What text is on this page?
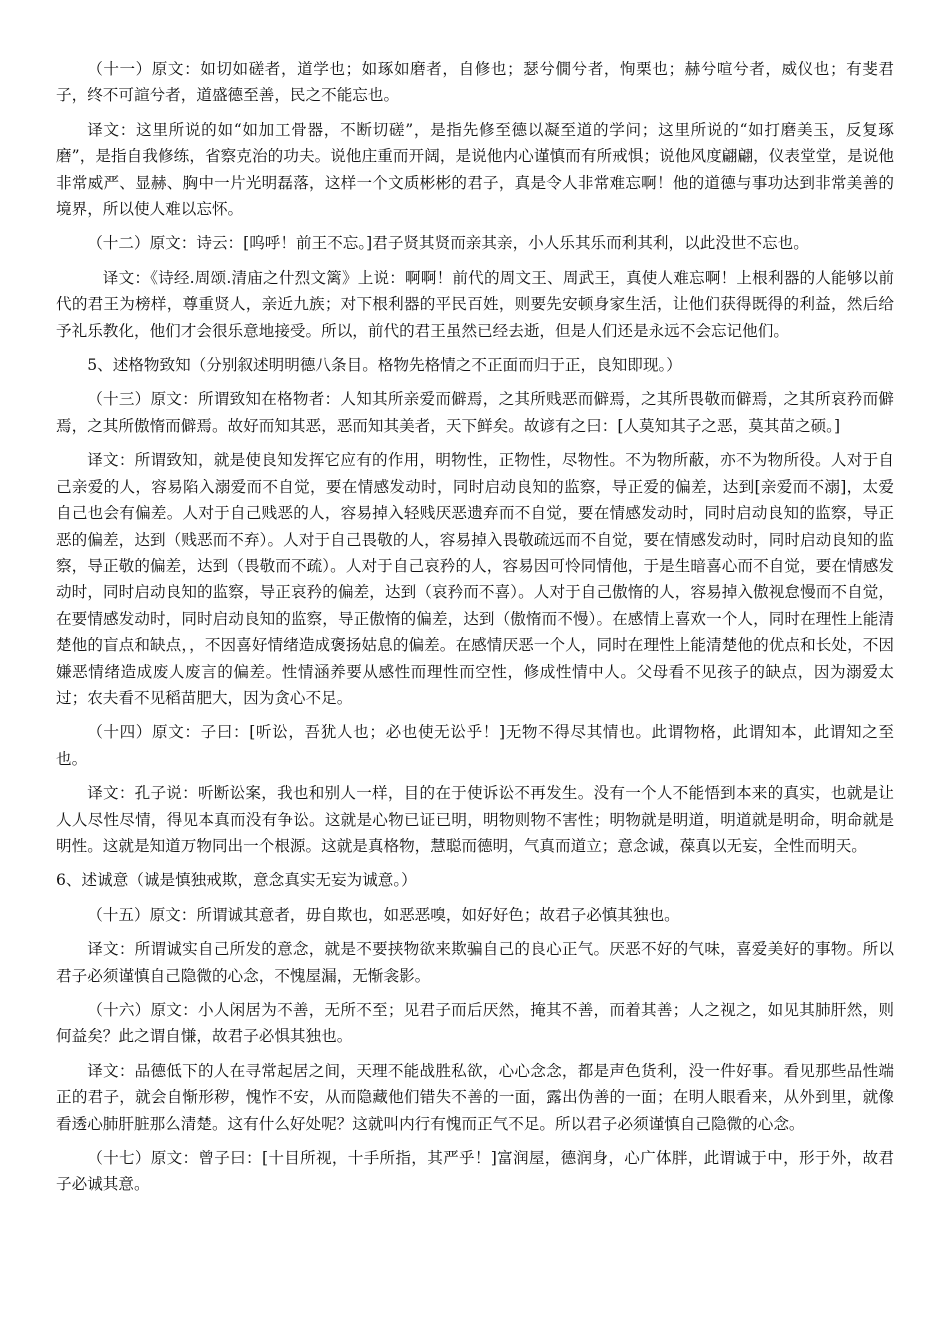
（十一）原文：如切如磋者，道学也；如琢如磨者，自修也；瑟兮僩兮者，恂栗也；赫兮喧兮者，威仪也；有斐君子，终不可諠兮者，道盛德至善，民之不能忘也。

译文：这里所说的如“如加工骨器，不断切磋”，是指先修至德以凝至道的学问；这里所说的“如打磨美玉，反复琢磨”，是指自我修练，省察克治的功夫。说他庄重而开阔，是说他内心谨慎而有所戒惧；说他风度翩翩，仪表堂堂，是说他非常威严、显赫、胸中一片光明磊落，这样一个文质彬彬的君子，真是令人非常难忘啊！他的道德与事功达到非常美善的境界，所以使人难以忘怀。

（十二）原文：诗云：[呜呼！前王不忘。]君子贤其贤而亲其亲，小人乐其乐而利其利，以此没世不忘也。

译文：《诗经.周颂.清庙之什烈文篱》上说：啊啊！前代的周文王、周武王，真使人难忘啊！上根利器的人能够以前代的君王为榜样，尊重贤人，亲近九族；对下根利器的平民百姓，则要先安顿身家生活，让他们获得既得的利益，然后给予礼乐教化，他们才会很乐意地接受。所以，前代的君王虽然已经去逝，但是人们还是永远不会忘记他们。

5、述格物致知（分别叙述明明德八条目。格物先格情之不正面而归于正，良知即现。）

（十三）原文：所谓致知在格物者：人知其所亲爱而僻焉，之其所贱恶而僻焉，之其所畏敬而僻焉，之其所哀矜而僻焉，之其所傲惰而僻焉。故好而知其恶，恶而知其美者，天下鲜矣。故谚有之曰：[人莫知其子之恶，莫其苗之硕。]

译文：所谓致知，就是使良知发挥它应有的作用，明物性，正物性，尽物性。不为物所蔽，亦不为物所役。人对于自己亲爱的人，容易陷入溺爱而不自觉，要在情感发动时，同时启动良知的监察，导正爱的偏差，达到[亲爱而不溺]，太爱自己也会有偏差。人对于自己贱恶的人，容易掉入轻贱厌恶遗弃而不自觉，要在情感发动时，同时启动良知的监察，导正恶的偏差，达到（贱恶而不弃）。人对于自己畏敬的人，容易掉入畏敬疏远而不自觉，要在情感发动时，同时启动良知的监察，导正敬的偏差，达到（畏敬而不疏）。人对于自己哀矜的人，容易因可怜同情他，于是生暗喜心而不自觉，要在情感发动时，同时启动良知的监察，导正哀矜的偏差，达到（哀矜而不喜）。人对于自己傲惰的人，容易掉入傲视怠慢而不自觉，在要情感发动时，同时启动良知的监察，导正傲惰的偏差，达到（傲惰而不慢）。在感情上喜欢一个人，同时在理性上能清楚他的盲点和缺点，，不因喜好情绪造成褒扬姑息的偏差。在感情厌恶一个人，同时在理性上能清楚他的优点和长处，不因嫌恶情绪造成废人废言的偏差。性情涵养要从感性而理性而空性，修成性情中人。父母看不见孩子的缺点，因为溺爱太过；农夫看不见稻苗肥大，因为贪心不足。

（十四）原文：子曰：[听讼，吾犹人也；必也使无讼乎！]无物不得尽其情也。此谓物格，此谓知本，此谓知之至也。

译文：孔子说：听断讼案，我也和别人一样，目的在于使诉讼不再发生。没有一个人不能悟到本来的真实，也就是让人人尽性尽情，得见本真而没有争讼。这就是心物已证已明，明物则物不害性；明物就是明道，明道就是明命，明命就是明性。这就是知道万物同出一个根源。这就是真格物，慧聪而德明，气真而道立；意念诚，葆真以无妄，全性而明天。

6、述诚意（诚是慎独戒欺，意念真实无妄为诚意。）

（十五）原文：所谓诚其意者，毋自欺也，如恶恶嗅，如好好色；故君子必慎其独也。

译文：所谓诚实自己所发的意念，就是不要挟物欲来欺骗自己的良心正气。厌恶不好的气味，喜爱美好的事物。所以君子必须谨慎自己隐微的心念，不愧屋漏，无惭衾影。

（十六）原文：小人闲居为不善，无所不至；见君子而后厌然，掩其不善，而着其善；人之视之，如见其肺肝然，则何益矣？此之谓自慊，故君子必惧其独也。

译文：品德低下的人在寻常起居之间，天理不能战胜私欲，心心念念，都是声色货利，没一件好事。看见那些品性端正的君子，就会自惭形秽，愧怍不安，从而隐藏他们错失不善的一面，露出伪善的一面；在明人眼看来，从外到里，就像看透心肺肝脏那么清楚。这有什么好处呢？这就叫内行有愧而正气不足。所以君子必须谨慎自己隐微的心念。

（十七）原文：曾子曰：[十目所视，十手所指，其严乎！]富润屋，德润身，心广体胖，此谓诚于中，形于外，故君子必诚其意。
